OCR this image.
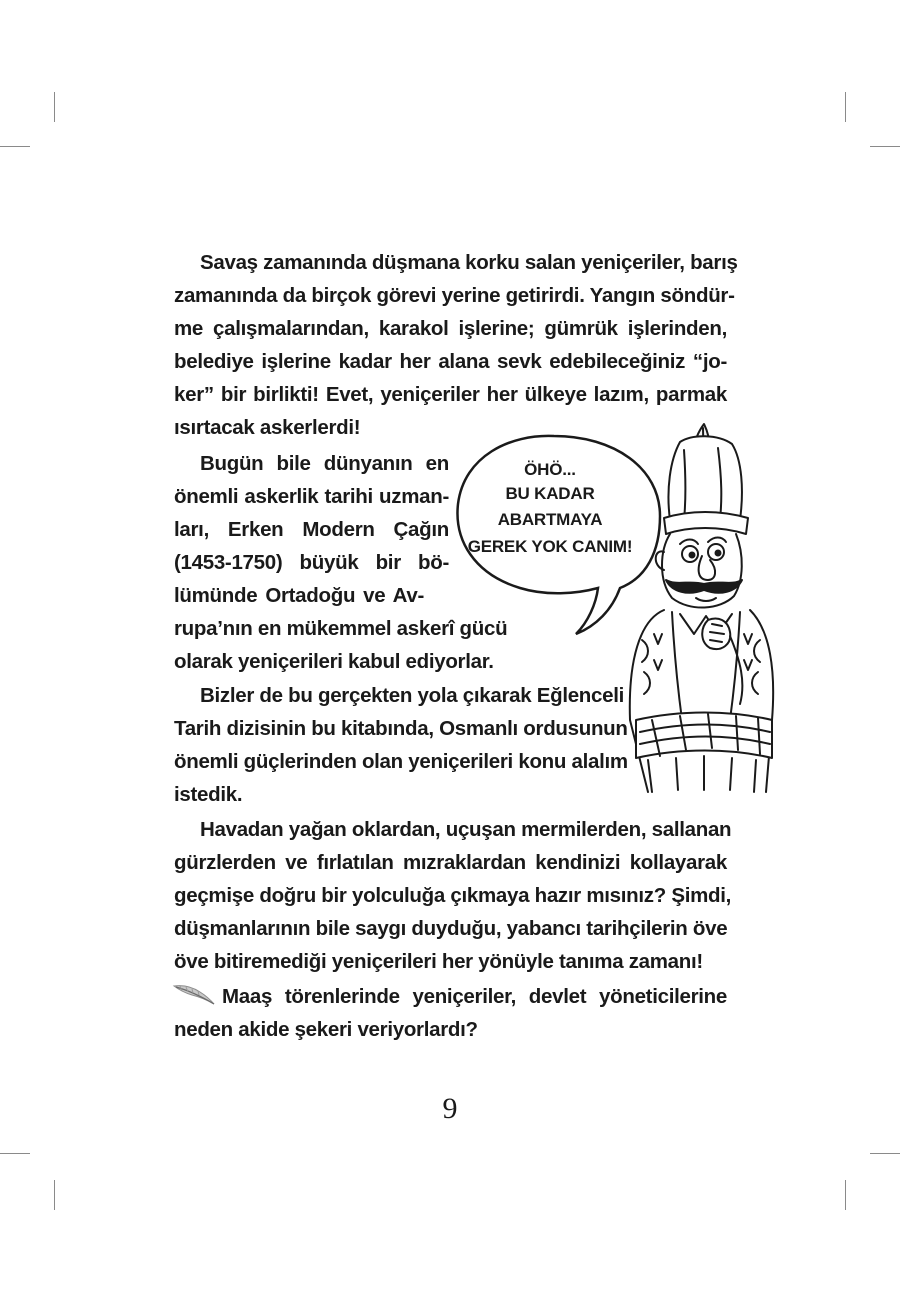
Savaş zamanında düşmana korku salan yeniçeriler, barış
zamanında da birçok görevi yerine getirirdi. Yangın söndür-
me çalışmalarından, karakol işlerine; gümrük işlerinden,
belediye işlerine kadar her alana sevk edebileceğiniz “jo-
ker” bir birlikti! Evet, yeniçeriler her ülkeye lazım, parmak
ısırtacak askerlerdi!
Bugün bile dünyanın en
önemli askerlik tarihi uzman-
ları, Erken Modern Çağın
(1453-1750) büyük bir bö-
lümünde Ortadoğu ve Av-
rupa’nın en mükemmel askerî gücü
olarak yeniçerileri kabul ediyorlar.
Bizler de bu gerçekten yola çıkarak Eğlenceli
Tarih dizisinin bu kitabında, Osmanlı ordusunun
önemli güçlerinden olan yeniçerileri konu alalım
istedik.
Havadan yağan oklardan, uçuşan mermilerden, sallanan
gürzlerden ve fırlatılan mızraklardan kendinizi kollayarak
geçmişe doğru bir yolculuğa çıkmaya hazır mısınız? Şimdi,
düşmanlarının bile saygı duyduğu, yabancı tarihçilerin öve
öve bitiremediği yeniçerileri her yönüyle tanıma zamanı!
Maaş törenlerinde yeniçeriler, devlet yöneticilerine
neden akide şekeri veriyorlardı?
ÖHÖ...
BU KADAR
ABARTMAYA
GEREK YOK CANIM!
9
